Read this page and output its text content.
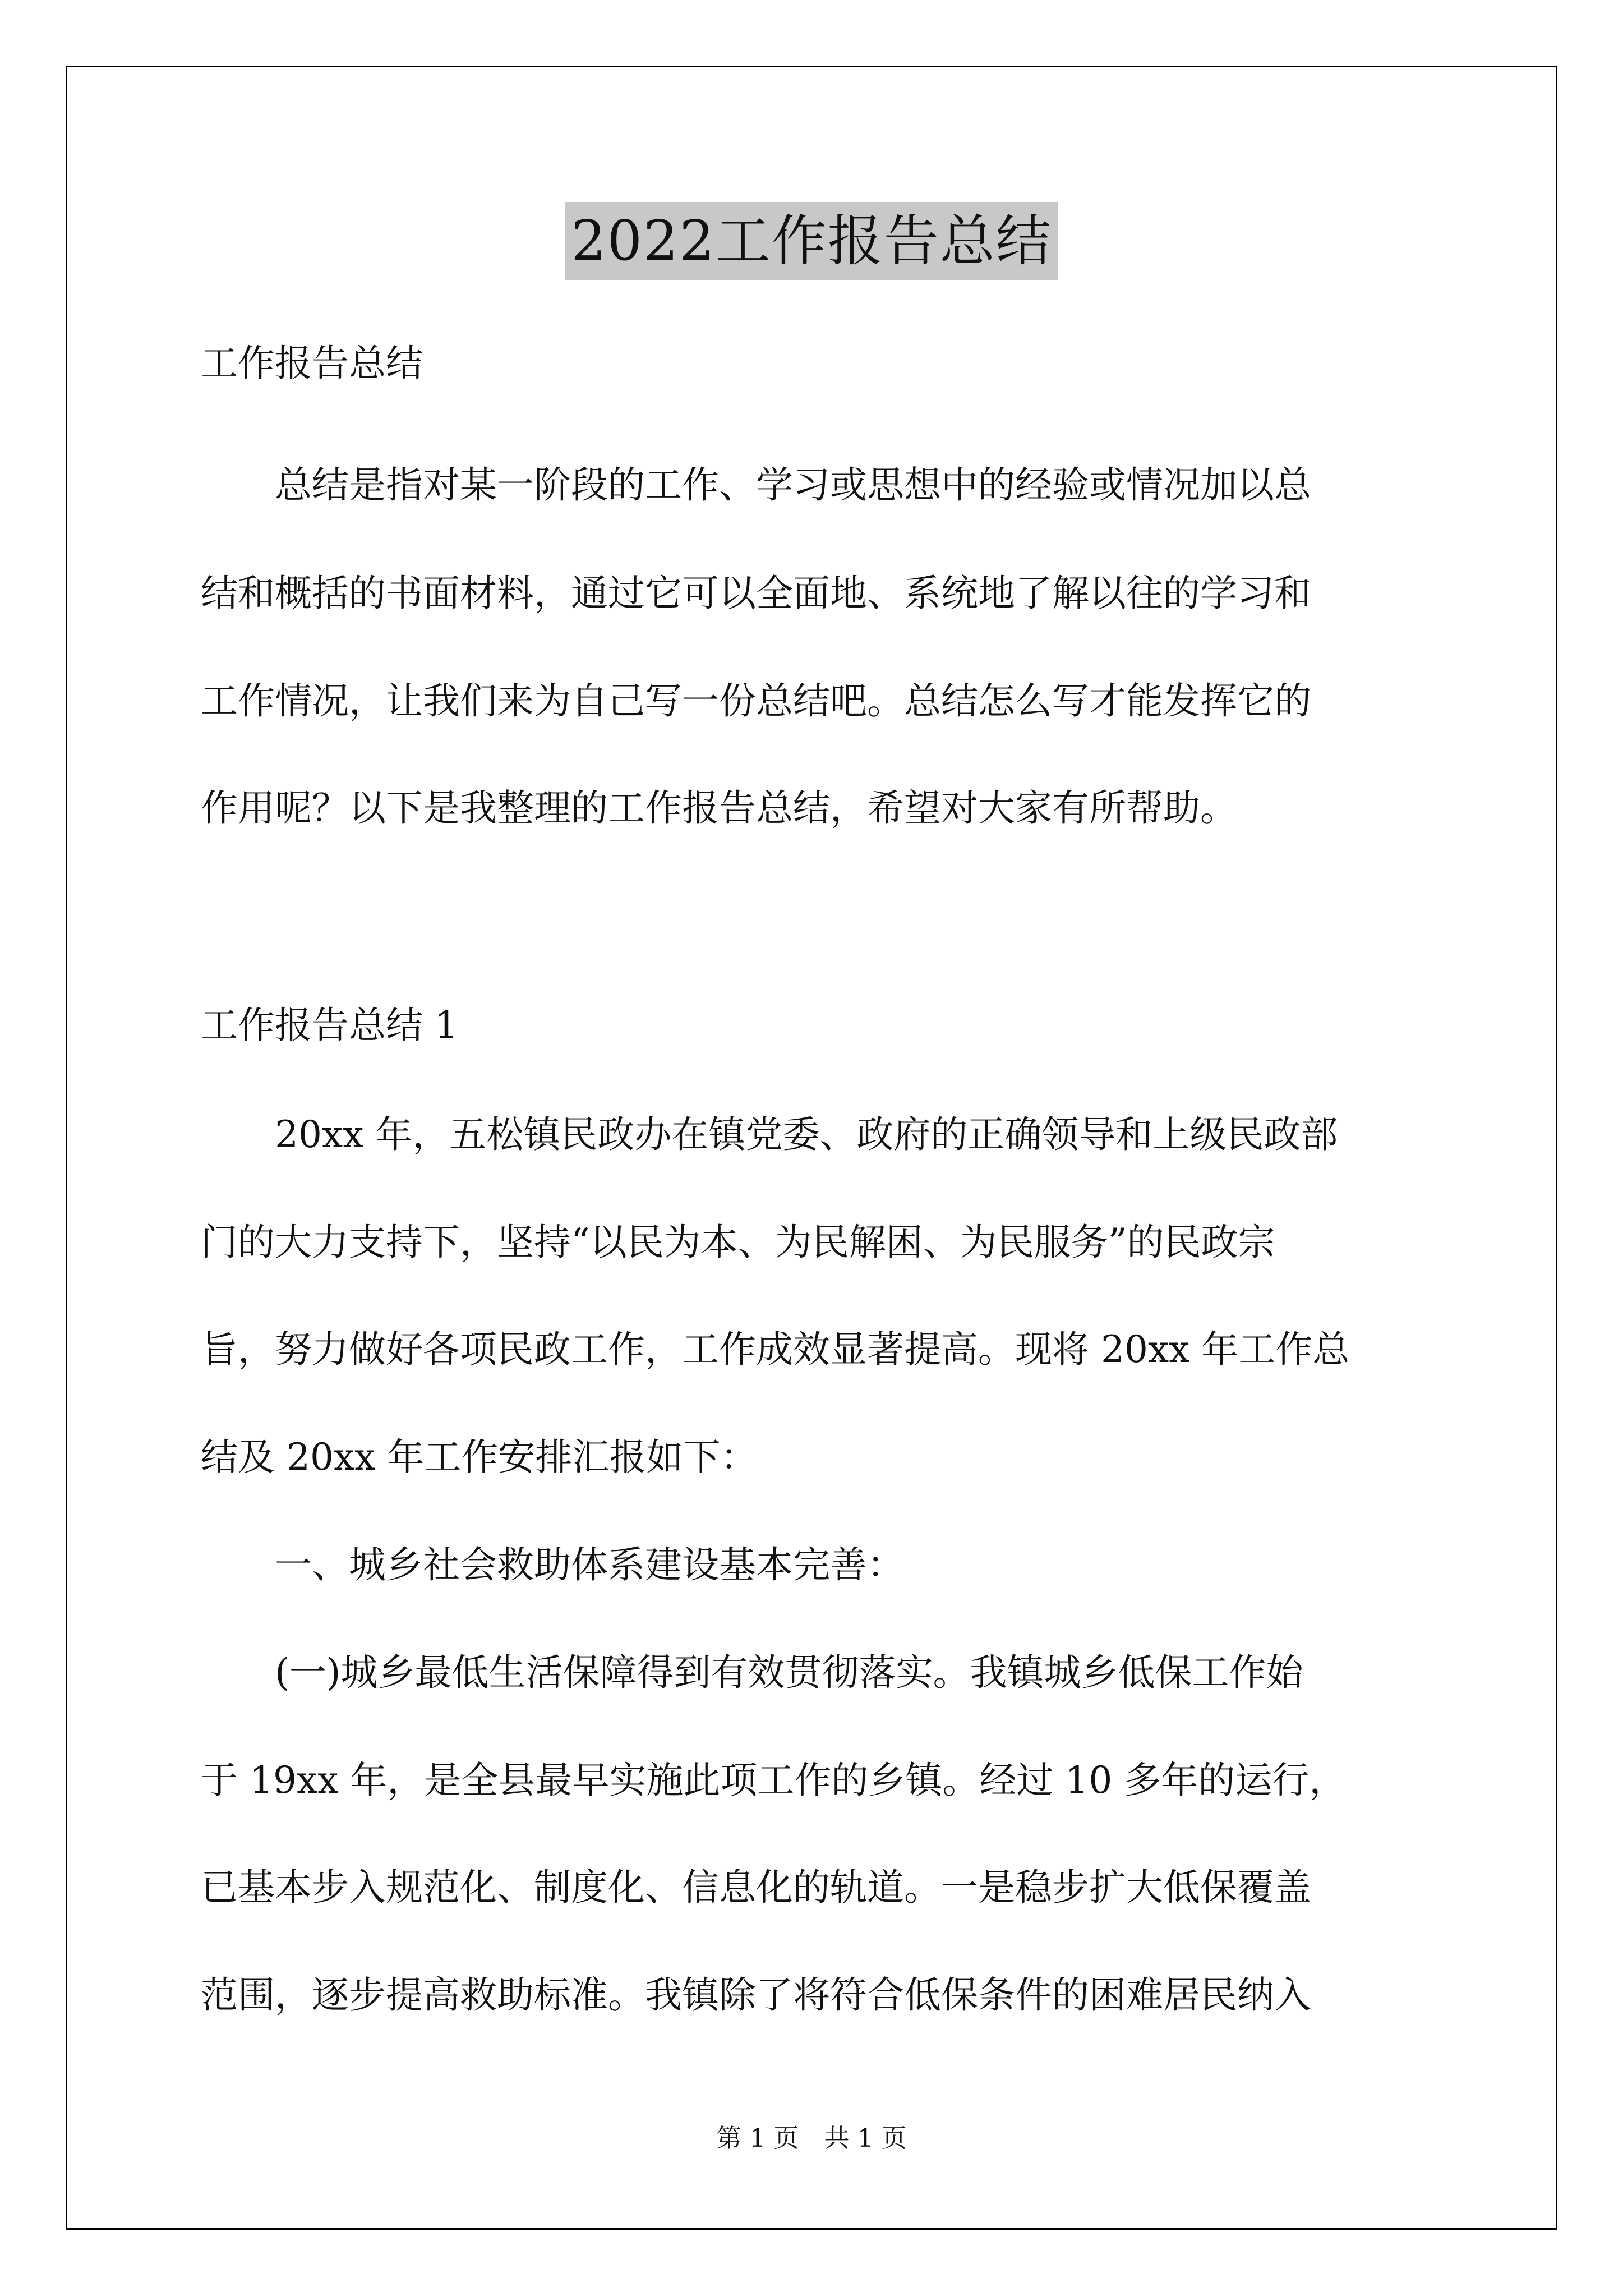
2022工作报告总结
工作报告总结
　　总结是指对某一阶段的工作、学习或思想中的经验或情况加以总
结和概括的书面材料，通过它可以全面地、系统地了解以往的学习和
工作情况，让我们来为自己写一份总结吧。总结怎么写才能发挥它的
作用呢？以下是我整理的工作报告总结，希望对大家有所帮助。
工作报告总结 1
　　20xx 年，五松镇民政办在镇党委、政府的正确领导和上级民政部
门的大力支持下，坚持“以民为本、为民解困、为民服务”的民政宗
旨，努力做好各项民政工作，工作成效显著提高。现将 20xx 年工作总
结及 20xx 年工作安排汇报如下：
　　一、城乡社会救助体系建设基本完善：
　　(一)城乡最低生活保障得到有效贯彻落实。我镇城乡低保工作始
于 19xx 年，是全县最早实施此项工作的乡镇。经过 10 多年的运行，
已基本步入规范化、制度化、信息化的轨道。一是稳步扩大低保覆盖
范围，逐步提高救助标准。我镇除了将符合低保条件的困难居民纳入
第 1 页　共 1 页
